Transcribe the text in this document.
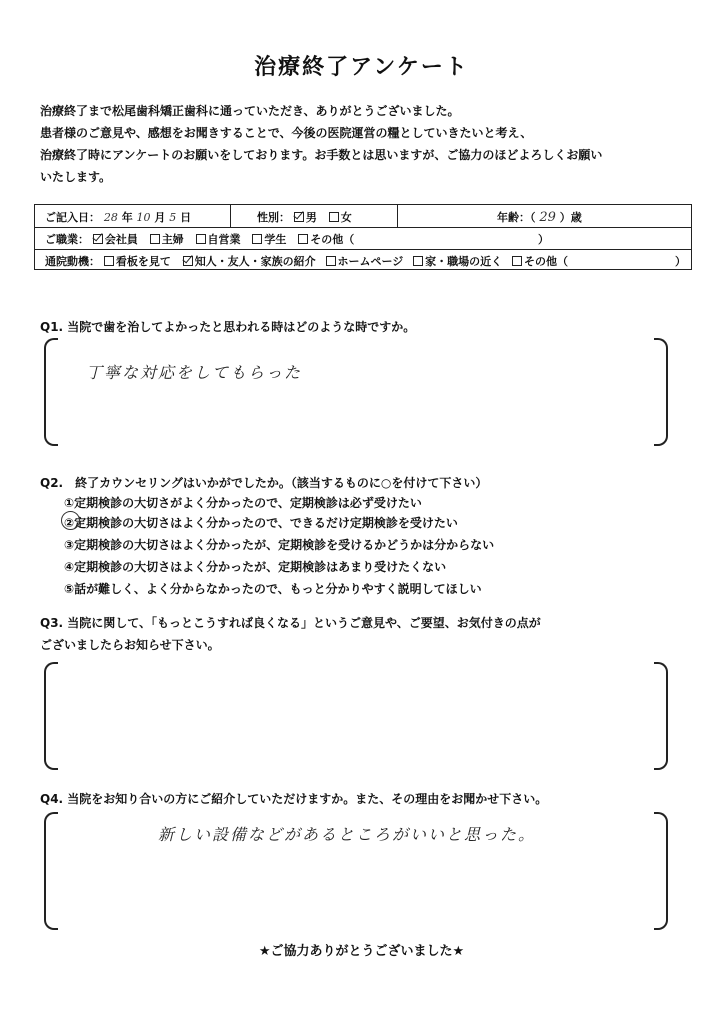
治療終了アンケート
治療終了まで松尾歯科矯正歯科に通っていただき、ありがとうございました。
患者様のご意見や、感想をお聞きすることで、今後の医院運営の糧としていきたいと考え、
治療終了時にアンケートのお願いをしております。お手数とは思いますが、ご協力のほどよろしくお願い
いたします。
ご記入日： 28 年 10 月 5 日	性別： 男 女	年齢：（ 29 ）歳
ご職業： 会社員 主婦 自営業 学生 その他（	）
通院動機： 看板を見て 知人・友人・家族の紹介 ホームページ 家・職場の近く その他（	）
Q1. 当院で歯を治してよかったと思われる時はどのような時ですか。
丁寧な対応をしてもらった
Q2.　終了カウンセリングはいかがでしたか。（該当するものに○を付けて下さい）
①定期検診の大切さがよく分かったので、定期検診は必ず受けたい
②定期検診の大切さはよく分かったので、できるだけ定期検診を受けたい
③定期検診の大切さはよく分かったが、定期検診を受けるかどうかは分からない
④定期検診の大切さはよく分かったが、定期検診はあまり受けたくない
⑤話が難しく、よく分からなかったので、もっと分かりやすく説明してほしい
Q3. 当院に関して、「もっとこうすれば良くなる」というご意見や、ご要望、お気付きの点が
ございましたらお知らせ下さい。
Q4. 当院をお知り合いの方にご紹介していただけますか。また、その理由をお聞かせ下さい。
新しい設備などがあるところがいいと思った。
★ご協力ありがとうございました★
